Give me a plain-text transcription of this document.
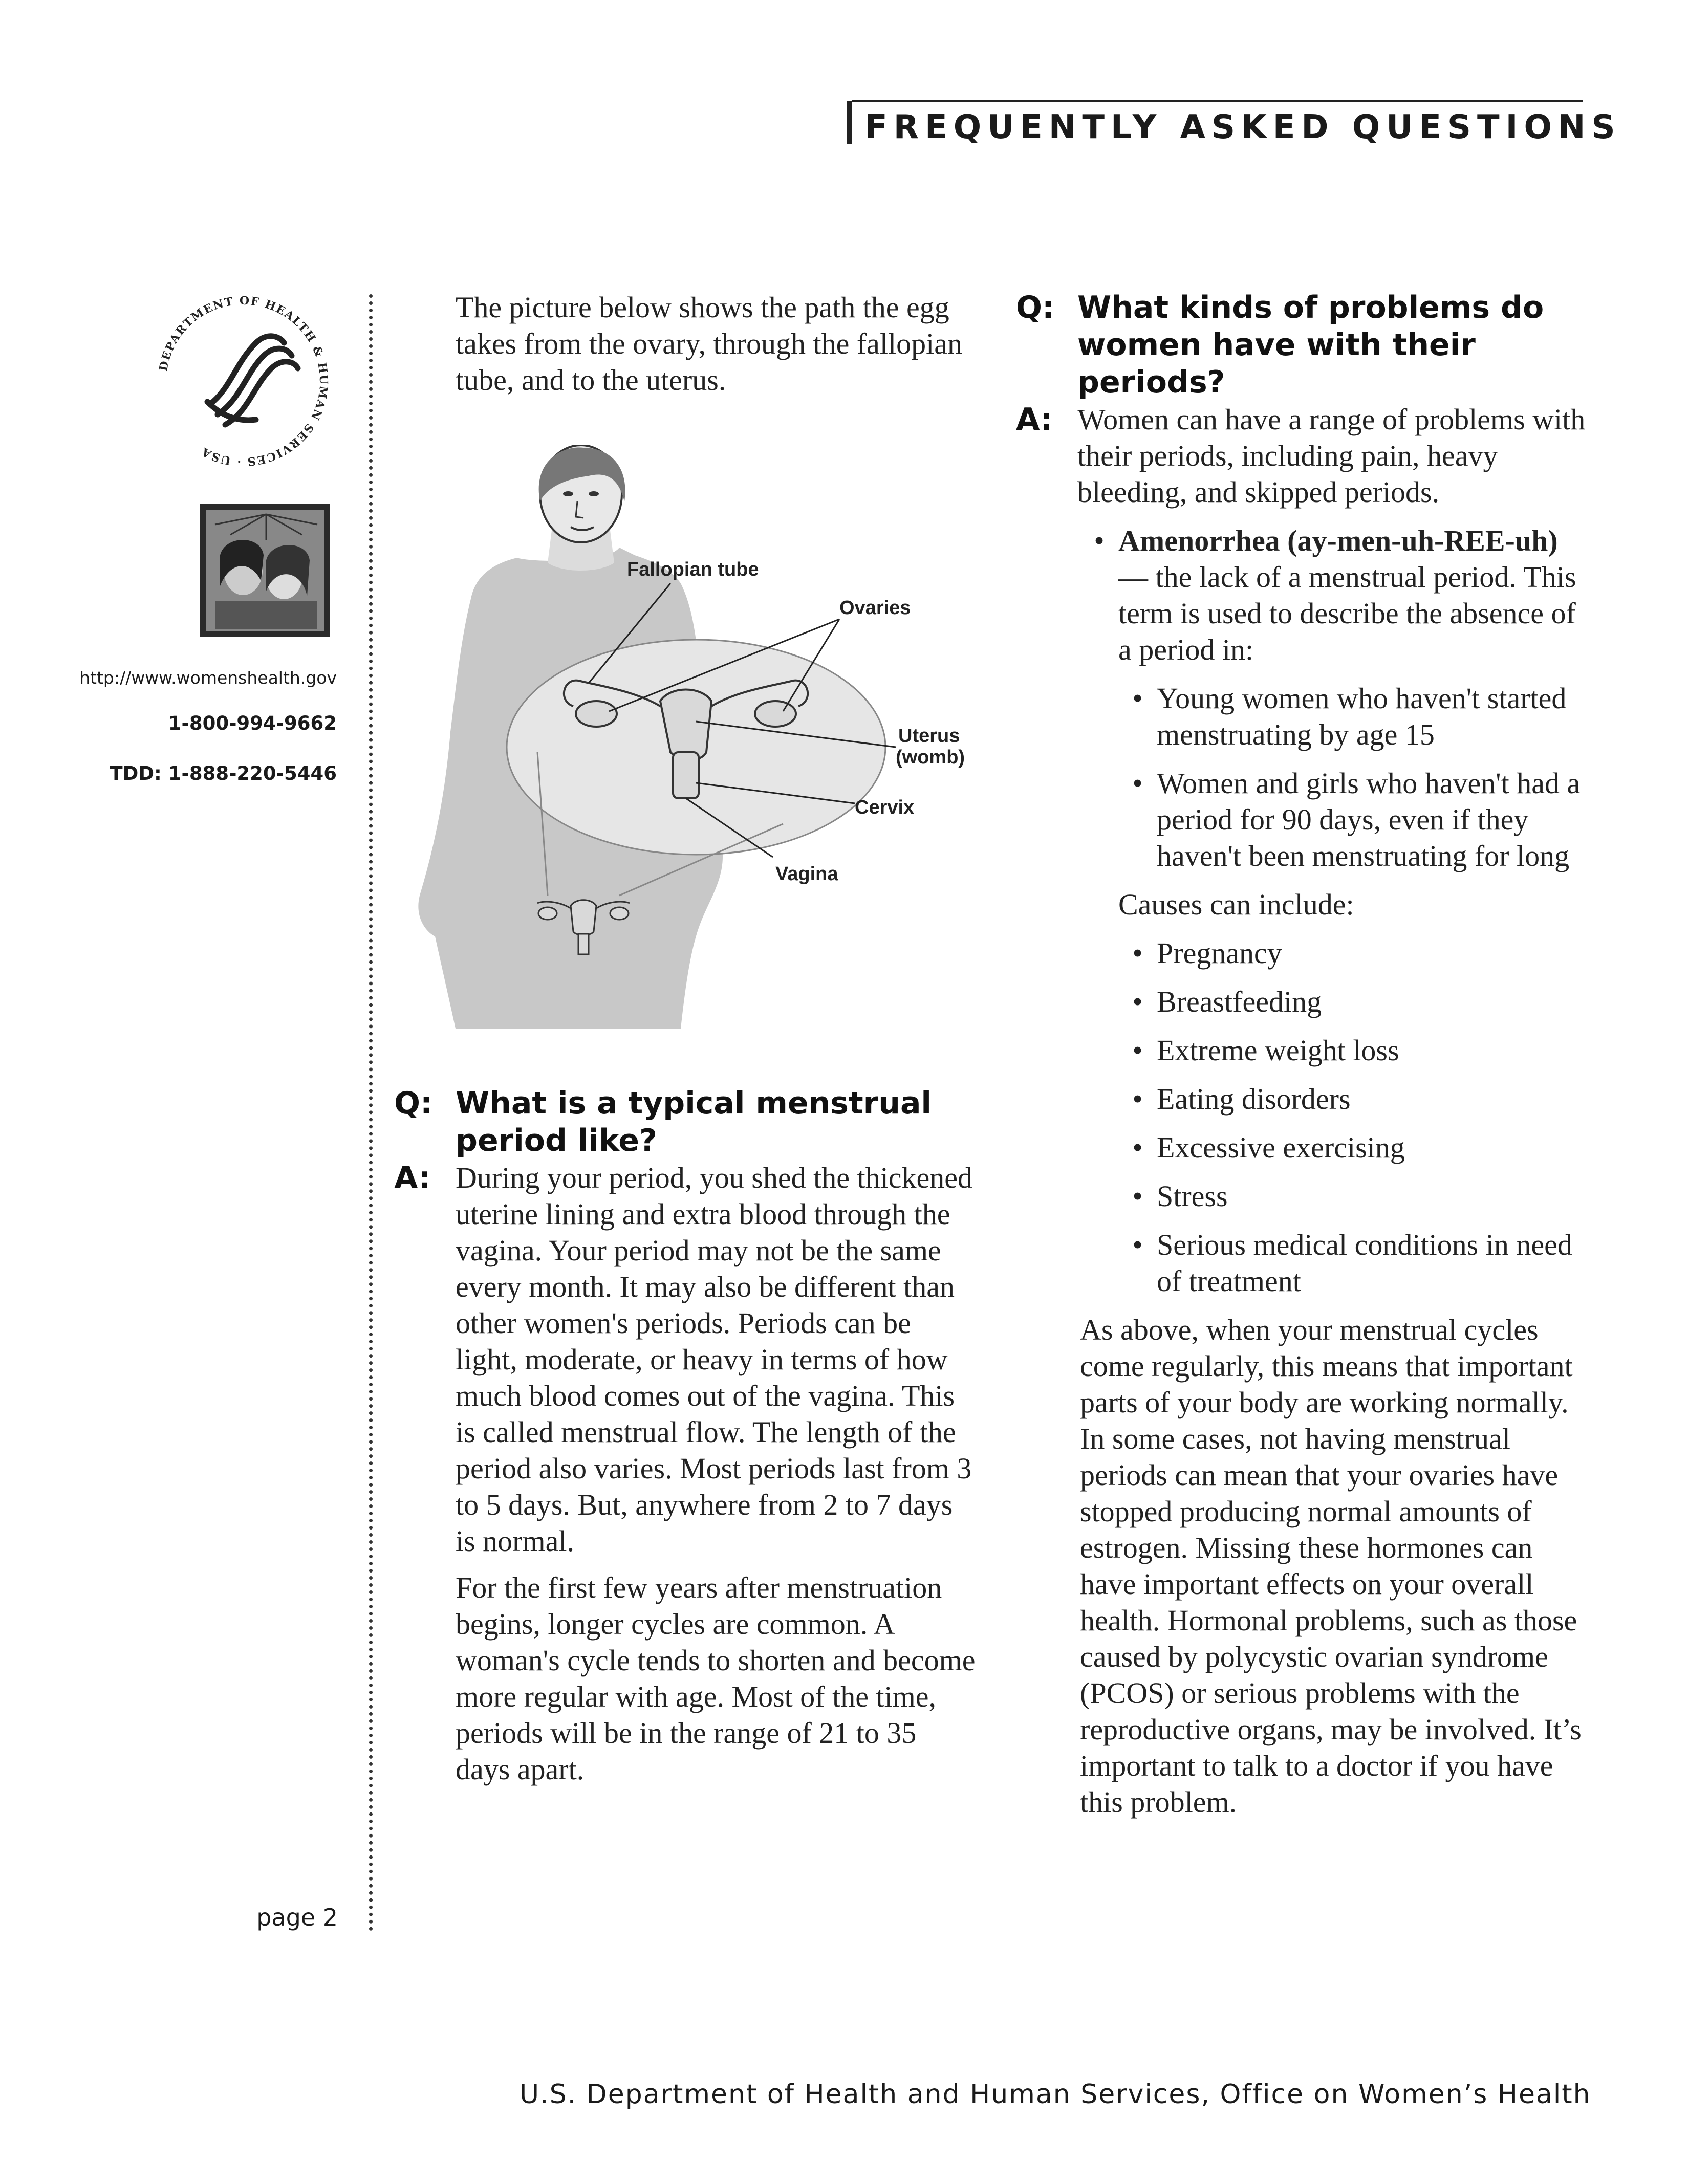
FREQUENTLY ASKED QUESTIONS
DEPARTMENT OF HEALTH & HUMAN SERVICES · USA
http://www.womenshealth.gov
1-800-994-9662
TDD: 1-888-220-5446
page 2
The picture below shows the path the egg takes from the ovary, through the fallopian tube, and to the uterus.
Fallopian tube
Ovaries
Uterus
(womb)
Cervix
Vagina
Q: What is a typical menstrual period like?
A: During your period, you shed the thickened uterine lining and extra blood through the vagina. Your period may not be the same every month. It may also be different than other women's periods. Periods can be light, moderate, or heavy in terms of how much blood comes out of the vagina. This is called menstrual flow. The length of the period also varies. Most periods last from 3 to 5 days. But, anywhere from 2 to 7 days is normal.
For the first few years after menstruation begins, longer cycles are common. A woman's cycle tends to shorten and become more regular with age. Most of the time, periods will be in the range of 21 to 35 days apart.
Q: What kinds of problems do women have with their periods?
A: Women can have a range of problems with their periods, including pain, heavy bleeding, and skipped periods.
• Amenorrhea (ay-men-uh-REE-uh) — the lack of a menstrual period. This term is used to describe the absence of a period in:
• Young women who haven't started menstruating by age 15
• Women and girls who haven't had a period for 90 days, even if they haven't been menstruating for long
Causes can include:
• Pregnancy
• Breastfeeding
• Extreme weight loss
• Eating disorders
• Excessive exercising
• Stress
• Serious medical conditions in need of treatment
As above, when your menstrual cycles come regularly, this means that important parts of your body are working normally. In some cases, not having menstrual periods can mean that your ovaries have stopped producing normal amounts of estrogen. Missing these hormones can have important effects on your overall health. Hormonal problems, such as those caused by polycystic ovarian syndrome (PCOS) or serious problems with the reproductive organs, may be involved. It’s important to talk to a doctor if you have this problem.
U.S. Department of Health and Human Services, Office on Women’s Health
